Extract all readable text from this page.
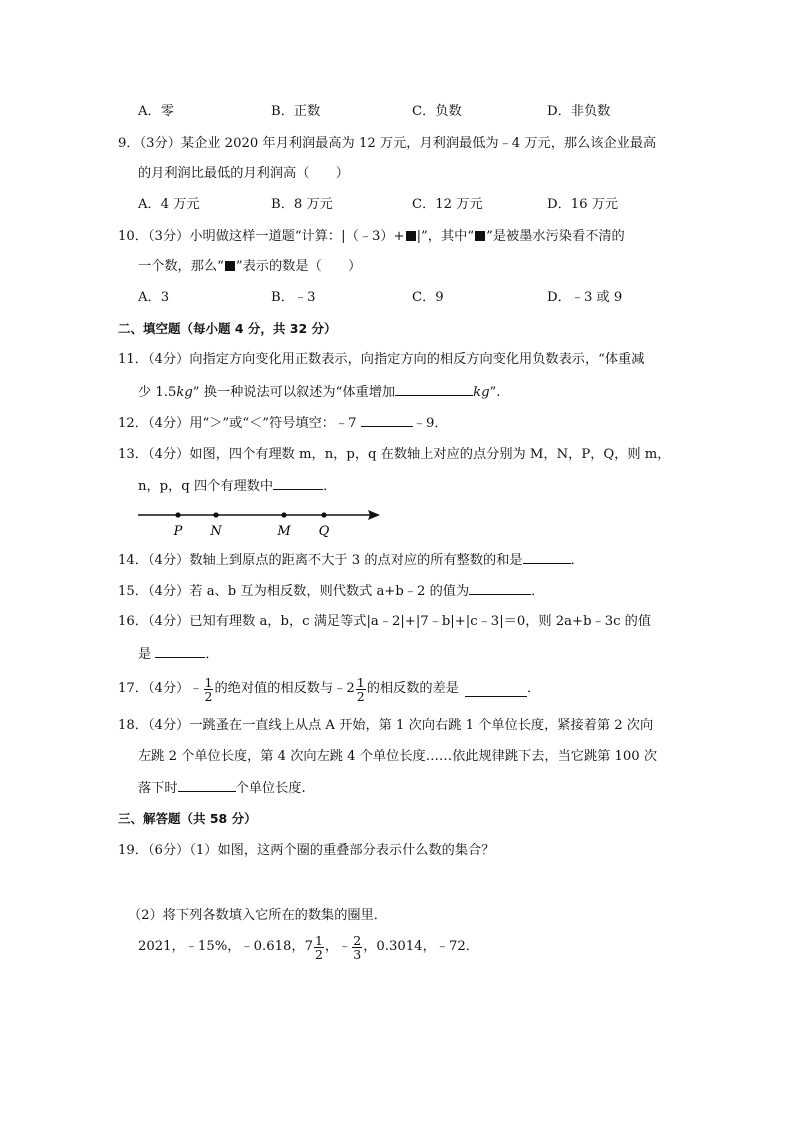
A．零	B．正数	C．负数	D．非负数
9．（3分）某企业 2020 年月利润最高为 12 万元，月利润最低为﹣4 万元，那么该企业最高
的月利润比最低的月利润高（　　）
A．4 万元	B．8 万元	C．12 万元	D．16 万元
10．（3分）小明做这样一道题“计算：|（﹣3）+ |”，其中“ ”是被墨水污染看不清的
一个数，那么“ ”表示的数是（　　）
A．3	B．﹣3	C．9	D．﹣3 或 9
二、填空题（每小题 4 分，共 32 分）
11．（4分）向指定方向变化用正数表示，向指定方向的相反方向变化用负数表示，“体重减
少 1.5kg” 换一种说法可以叙述为“体重增加	kg”.
12．（4分）用“＞”或“＜”符号填空：﹣7	﹣9．
13．（4分）如图，四个有理数 m，n，p，q 在数轴上对应的点分别为 M，N，P，Q，则 m，
n，p，q 四个有理数中	．
P N	M Q
14．（4分）数轴上到原点的距离不大于 3 的点对应的所有整数的和是	．
15．（4分）若 a、b 互为相反数，则代数式 a+b﹣2 的值为	．
16．（4分）已知有理数 a，b，c 满足等式|a﹣2|+|7﹣b|+|c﹣3|＝0，则 2a+b﹣3c 的值
是	．
17．（4分）﹣ $\frac{1}{2}$ 的绝对值的相反数与﹣2 $\frac{1}{2}$ 的相反数的差是	．
18．（4分）一跳蚤在一直线上从点 A 开始，第 1 次向右跳 1 个单位长度，紧接着第 2 次向
左跳 2 个单位长度，第 4 次向左跳 4 个单位长度……依此规律跳下去，当它跳第 100 次
落下时	个单位长度.
三、解答题（共 58 分）
19．（6分）（1）如图，这两个圈的重叠部分表示什么数的集合？
（2）将下列各数填入它所在的数集的圈里．
2021，﹣15%，﹣0.618，$7 \frac{1}{2}$ ，﹣ $\frac{2}{3}$ ，0.3014，﹣72．
